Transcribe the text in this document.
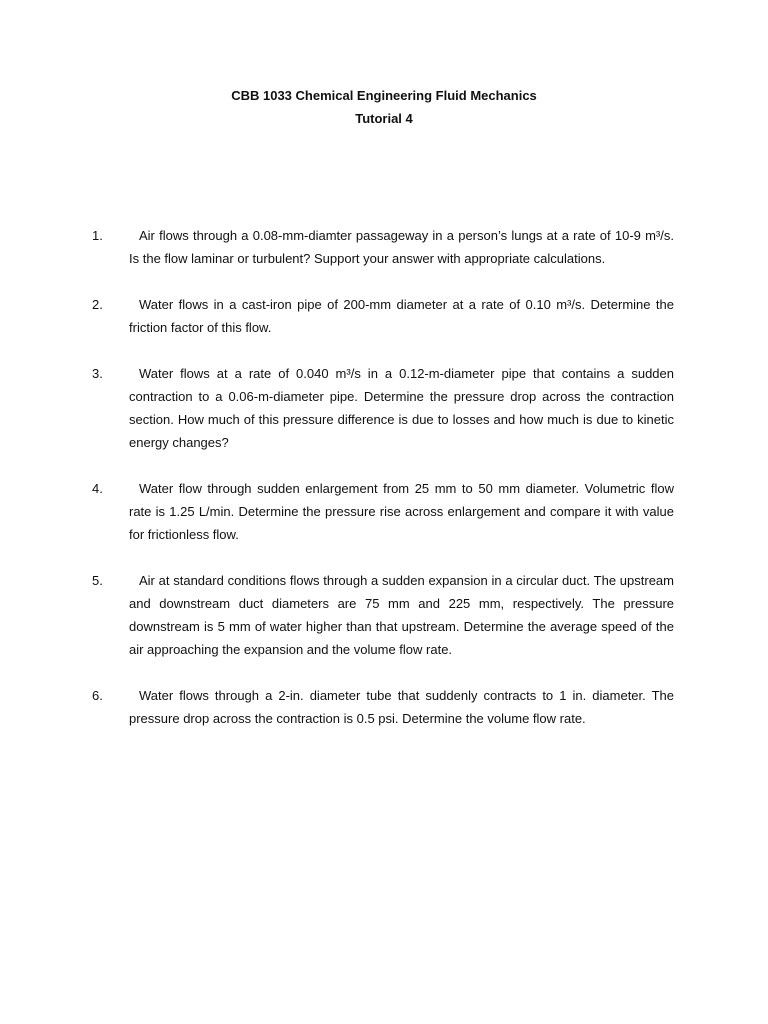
CBB 1033 Chemical Engineering Fluid Mechanics
Tutorial 4
1.	Air flows through a 0.08-mm-diamter passageway in a person’s lungs at a rate of 10-9 m³/s. Is the flow laminar or turbulent? Support your answer with appropriate calculations.
2.	Water flows in a cast-iron pipe of 200-mm diameter at a rate of 0.10 m³/s. Determine the friction factor of this flow.
3.	Water flows at a rate of 0.040 m³/s in a 0.12-m-diameter pipe that contains a sudden contraction to a 0.06-m-diameter pipe. Determine the pressure drop across the contraction section. How much of this pressure difference is due to losses and how much is due to kinetic energy changes?
4.	Water flow through sudden enlargement from 25 mm to 50 mm diameter. Volumetric flow rate is 1.25 L/min. Determine the pressure rise across enlargement and compare it with value for frictionless flow.
5.	Air at standard conditions flows through a sudden expansion in a circular duct. The upstream and downstream duct diameters are 75 mm and 225 mm, respectively. The pressure downstream is 5 mm of water higher than that upstream. Determine the average speed of the air approaching the expansion and the volume flow rate.
6.	Water flows through a 2-in. diameter tube that suddenly contracts to 1 in. diameter. The pressure drop across the contraction is 0.5 psi. Determine the volume flow rate.
